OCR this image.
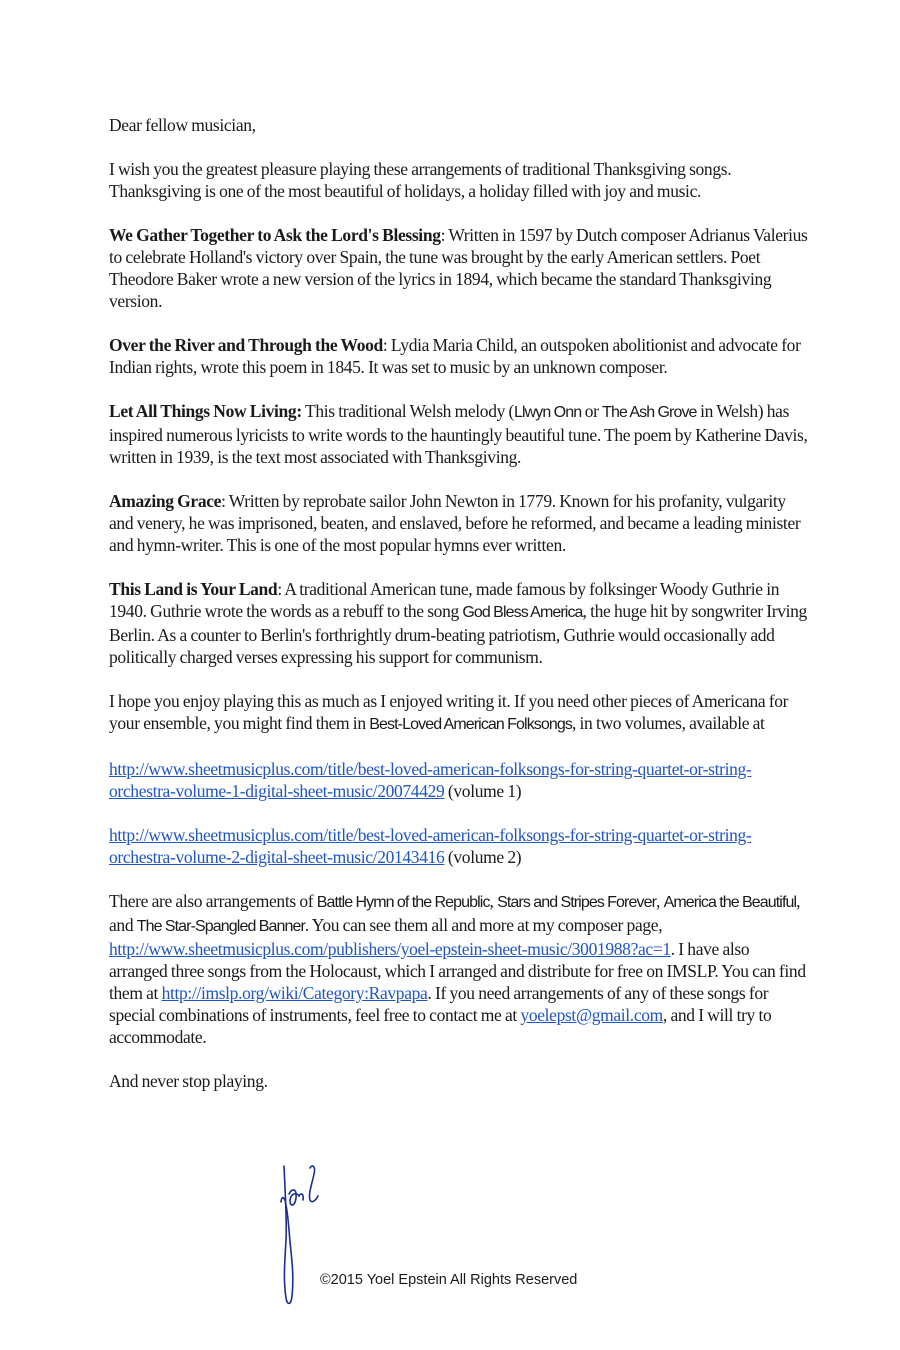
Dear fellow musician,

I wish you the greatest pleasure playing these arrangements of traditional Thanksgiving songs. Thanksgiving is one of the most beautiful of holidays, a holiday filled with joy and music.

We Gather Together to Ask the Lord's Blessing: Written in 1597 by Dutch composer Adrianus Valerius to celebrate Holland's victory over Spain, the tune was brought by the early American settlers. Poet Theodore Baker wrote a new version of the lyrics in 1894, which became the standard Thanksgiving version.

Over the River and Through the Wood: Lydia Maria Child, an outspoken abolitionist and advocate for Indian rights, wrote this poem in 1845. It was set to music by an unknown composer.

Let All Things Now Living: This traditional Welsh melody (Llwyn Onn or The Ash Grove in Welsh) has inspired numerous lyricists to write words to the hauntingly beautiful tune. The poem by Katherine Davis, written in 1939, is the text most associated with Thanksgiving.

Amazing Grace: Written by reprobate sailor John Newton in 1779. Known for his profanity, vulgarity and venery, he was imprisoned, beaten, and enslaved, before he reformed, and became a leading minister and hymn-writer. This is one of the most popular hymns ever written.

This Land is Your Land: A traditional American tune, made famous by folksinger Woody Guthrie in 1940. Guthrie wrote the words as a rebuff to the song God Bless America, the huge hit by songwriter Irving Berlin. As a counter to Berlin's forthrightly drum-beating patriotism, Guthrie would occasionally add politically charged verses expressing his support for communism.

I hope you enjoy playing this as much as I enjoyed writing it. If you need other pieces of Americana for your ensemble, you might find them in Best-Loved American Folksongs, in two volumes, available at

http://www.sheetmusicplus.com/title/best-loved-american-folksongs-for-string-quartet-or-string-orchestra-volume-1-digital-sheet-music/20074429 (volume 1)

http://www.sheetmusicplus.com/title/best-loved-american-folksongs-for-string-quartet-or-string-orchestra-volume-2-digital-sheet-music/20143416 (volume 2)

There are also arrangements of Battle Hymn of the Republic, Stars and Stripes Forever, America the Beautiful, and The Star-Spangled Banner. You can see them all and more at my composer page,
http://www.sheetmusicplus.com/publishers/yoel-epstein-sheet-music/3001988?ac=1. I have also arranged three songs from the Holocaust, which I arranged and distribute for free on IMSLP. You can find them at http://imslp.org/wiki/Category:Ravpapa. If you need arrangements of any of these songs for special combinations of instruments, feel free to contact me at yoelepst@gmail.com, and I will try to accommodate.

And never stop playing.

©2015 Yoel Epstein All Rights Reserved
